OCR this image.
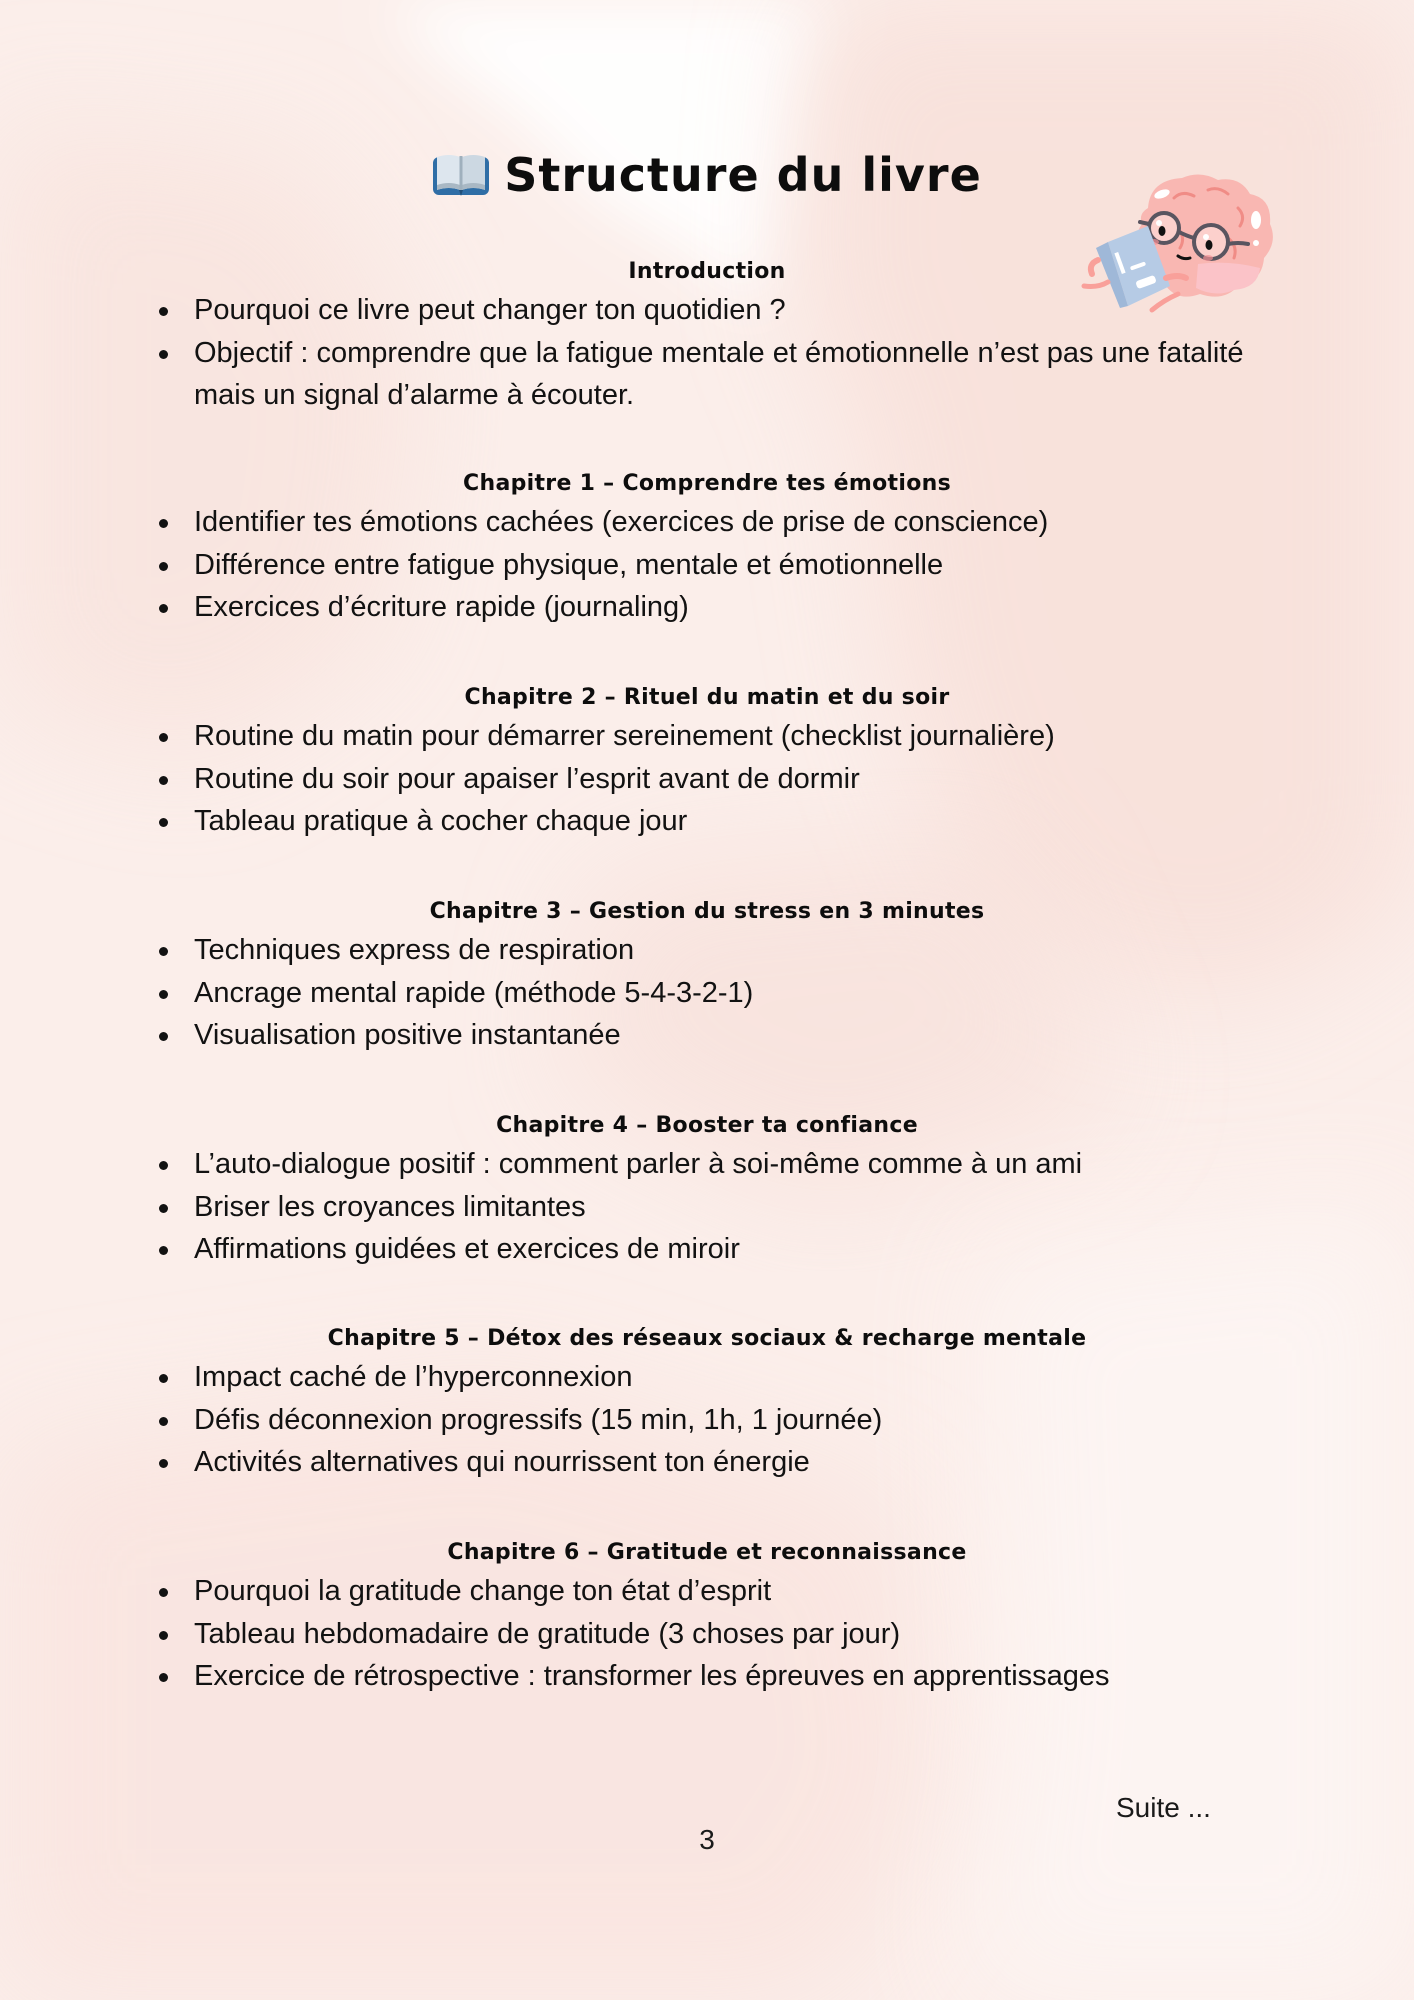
Structure du livre
Introduction
Pourquoi ce livre peut changer ton quotidien ?
Objectif : comprendre que la fatigue mentale et émotionnelle n’est pas une fatalité mais un signal d’alarme à écouter.
Chapitre 1 – Comprendre tes émotions
Identifier tes émotions cachées (exercices de prise de conscience)
Différence entre fatigue physique, mentale et émotionnelle
Exercices d’écriture rapide (journaling)
Chapitre 2 – Rituel du matin et du soir
Routine du matin pour démarrer sereinement (checklist journalière)
Routine du soir pour apaiser l’esprit avant de dormir
Tableau pratique à cocher chaque jour
Chapitre 3 – Gestion du stress en 3 minutes
Techniques express de respiration
Ancrage mental rapide (méthode 5-4-3-2-1)
Visualisation positive instantanée
Chapitre 4 – Booster ta confiance
L’auto-dialogue positif : comment parler à soi-même comme à un ami
Briser les croyances limitantes
Affirmations guidées et exercices de miroir
Chapitre 5 – Détox des réseaux sociaux & recharge mentale
Impact caché de l’hyperconnexion
Défis déconnexion progressifs (15 min, 1h, 1 journée)
Activités alternatives qui nourrissent ton énergie
Chapitre 6 – Gratitude et reconnaissance
Pourquoi la gratitude change ton état d’esprit
Tableau hebdomadaire de gratitude (3 choses par jour)
Exercice de rétrospective : transformer les épreuves en apprentissages
Suite ...
3
